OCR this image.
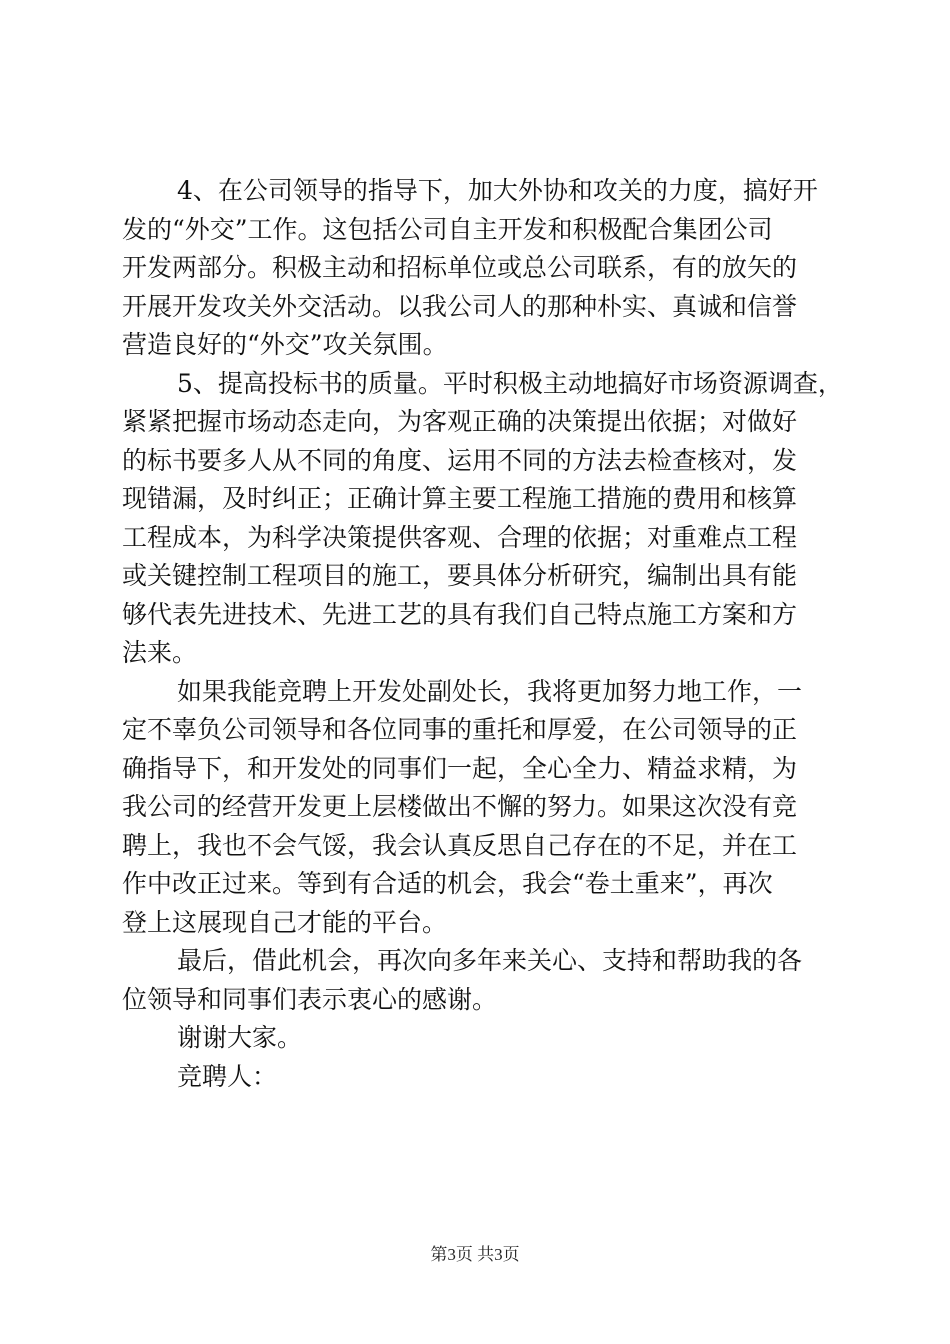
4、在公司领导的指导下，加大外协和攻关的力度，搞好开
发的“外交”工作。这包括公司自主开发和积极配合集团公司
开发两部分。积极主动和招标单位或总公司联系，有的放矢的
开展开发攻关外交活动。以我公司人的那种朴实、真诚和信誉
营造良好的“外交”攻关氛围。
5、提高投标书的质量。平时积极主动地搞好市场资源调查，
紧紧把握市场动态走向，为客观正确的决策提出依据；对做好
的标书要多人从不同的角度、运用不同的方法去检查核对，发
现错漏，及时纠正；正确计算主要工程施工措施的费用和核算
工程成本，为科学决策提供客观、合理的依据；对重难点工程
或关键控制工程项目的施工，要具体分析研究，编制出具有能
够代表先进技术、先进工艺的具有我们自己特点施工方案和方
法来。
如果我能竞聘上开发处副处长，我将更加努力地工作，一
定不辜负公司领导和各位同事的重托和厚爱，在公司领导的正
确指导下，和开发处的同事们一起，全心全力、精益求精，为
我公司的经营开发更上层楼做出不懈的努力。如果这次没有竞
聘上，我也不会气馁，我会认真反思自己存在的不足，并在工
作中改正过来。等到有合适的机会，我会“卷土重来”，再次
登上这展现自己才能的平台。
最后，借此机会，再次向多年来关心、支持和帮助我的各
位领导和同事们表示衷心的感谢。
谢谢大家。
竞聘人：
第3页 共3页
